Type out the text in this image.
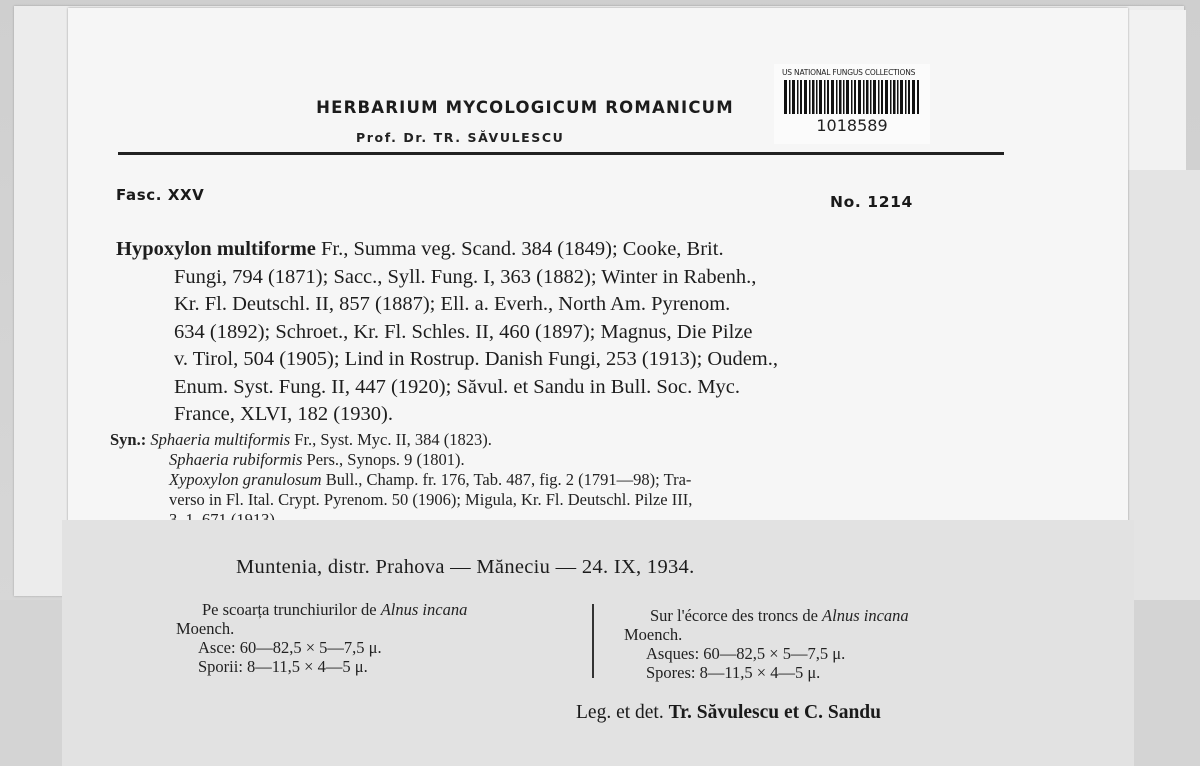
HERBARIUM MYCOLOGICUM ROMANICUM
Prof. Dr. TR. SĂVULESCU
US NATIONAL FUNGUS COLLECTIONS
1018589
Fasc. XXV	No. 1214
Hypoxylon multiforme Fr., Summa veg. Scand. 384 (1849); Cooke, Brit.
Fungi, 794 (1871); Sacc., Syll. Fung. I, 363 (1882); Winter in Rabenh.,
Kr. Fl. Deutschl. II, 857 (1887); Ell. a. Everh., North Am. Pyrenom.
634 (1892); Schroet., Kr. Fl. Schles. II, 460 (1897); Magnus, Die Pilze
v. Tirol, 504 (1905); Lind in Rostrup. Danish Fungi, 253 (1913); Oudem.,
Enum. Syst. Fung. II, 447 (1920); Săvul. et Sandu in Bull. Soc. Myc.
France, XLVI, 182 (1930).
Syn.: Sphaeria multiformis Fr., Syst. Myc. II, 384 (1823).
Sphaeria rubiformis Pers., Synops. 9 (1801).
Xypoxylon granulosum Bull., Champ. fr. 176, Tab. 487, fig. 2 (1791—98); Tra-
verso in Fl. Ital. Crypt. Pyrenom. 50 (1906); Migula, Kr. Fl. Deutschl. Pilze III,
Muntenia, distr. Prahova — Măneciu — 24. IX, 1934.
Pe scoarța trunchiurilor de Alnus incana
Moench.
Asce: 60—82,5 × 5—7,5 μ.
Sporii: 8—11,5 × 4—5 μ.
Sur l'écorce des troncs de Alnus incana
Moench.
Asques: 60—82,5 × 5—7,5 μ.
Spores: 8—11,5 × 4—5 μ.
Leg. et det. Tr. Săvulescu et C. Sandu
